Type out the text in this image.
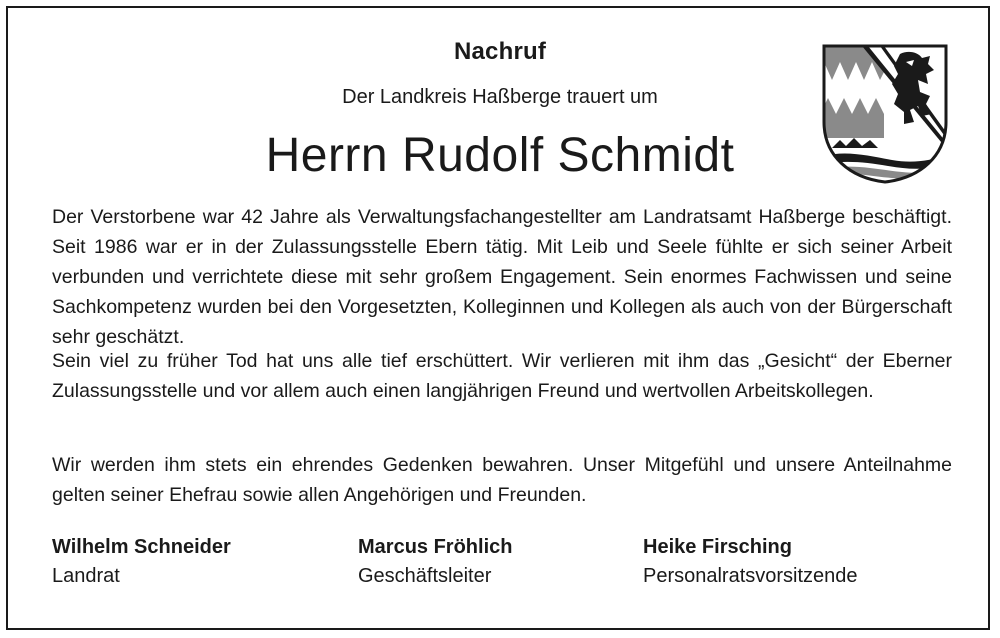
Nachruf
Der Landkreis Haßberge trauert um
Herrn Rudolf Schmidt
Der Verstorbene war 42 Jahre als Verwaltungsfachangestellter am Landratsamt Haßberge beschäftigt. Seit 1986 war er in der Zulassungsstelle Ebern tätig. Mit Leib und Seele fühlte er sich seiner Arbeit verbunden und verrichtete diese mit sehr großem Engagement. Sein enormes Fachwissen und seine Sachkompetenz wurden bei den Vorgesetzten, Kolleginnen und Kollegen als auch von der Bürgerschaft sehr geschätzt.
Sein viel zu früher Tod hat uns alle tief erschüttert. Wir verlieren mit ihm das „Gesicht“ der Eberner Zulassungsstelle und vor allem auch einen langjährigen Freund und wertvollen Arbeitskollegen.
Wir werden ihm stets ein ehrendes Gedenken bewahren. Unser Mitgefühl und unsere Anteilnahme gelten seiner Ehefrau sowie allen Angehörigen und Freunden.
Wilhelm Schneider
Landrat
Marcus Fröhlich
Geschäftsleiter
Heike Firsching
Personalratsvorsitzende
